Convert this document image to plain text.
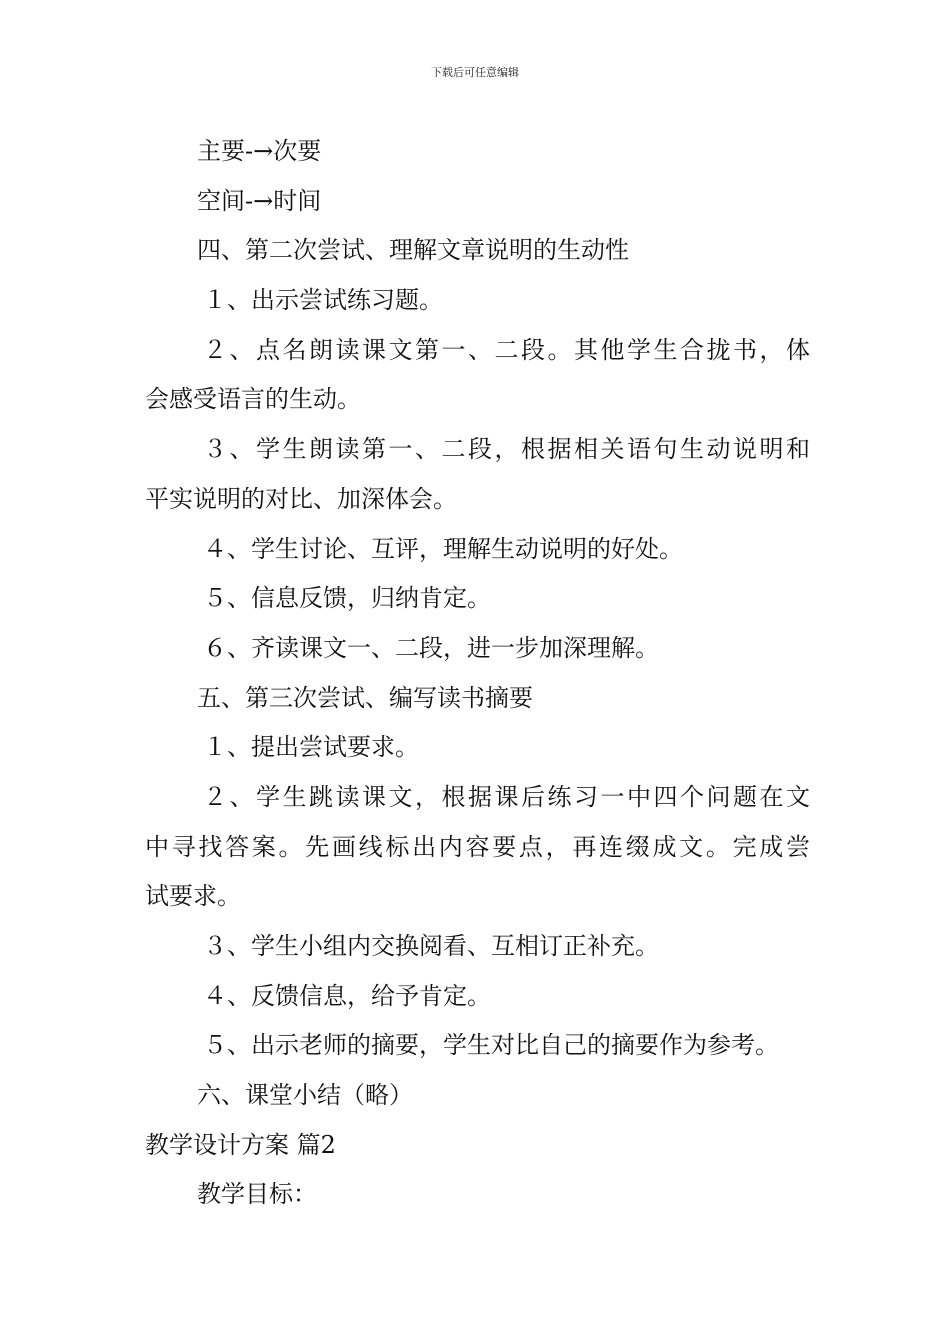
下载后可任意编辑
主要-→次要
空间-→时间
四、第二次尝试、理解文章说明的生动性
１、出示尝试练习题。
２、点名朗读课文第一、二段。其他学生合拢书，体
会感受语言的生动。
３、学生朗读第一、二段，根据相关语句生动说明和
平实说明的对比、加深体会。
４、学生讨论、互评，理解生动说明的好处。
５、信息反馈，归纳肯定。
６、齐读课文一、二段，进一步加深理解。
五、第三次尝试、编写读书摘要
１、提出尝试要求。
２、学生跳读课文，根据课后练习一中四个问题在文
中寻找答案。先画线标出内容要点，再连缀成文。完成尝
试要求。
３、学生小组内交换阅看、互相订正补充。
４、反馈信息，给予肯定。
５、出示老师的摘要，学生对比自己的摘要作为参考。
六、课堂小结（略）
教学设计方案 篇2
教学目标：
